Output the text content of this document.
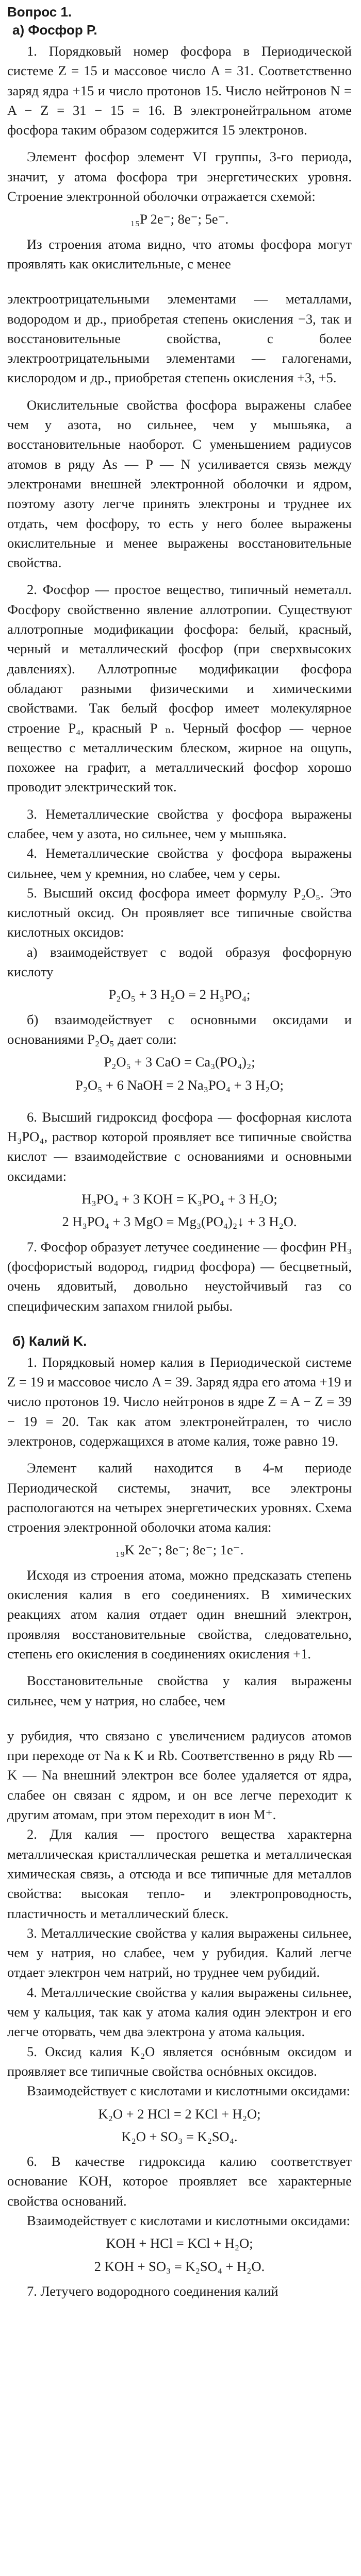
Вопрос 1.
а) Фосфор Р.

1. Порядковый номер фосфора в Периодической системе Z = 15 и массовое число A = 31. Соответственно заряд ядра +15 и число протонов 15. Число нейтронов N = A − Z = 31 − 15 = 16. В электронейтральном атоме фосфора таким образом содержится 15 электронов.

Элемент фосфор элемент VI группы, 3-го периода, значит, у атома фосфора три энергетических уровня. Строение электронной оболочки отражается схемой:

₁₅P 2e⁻; 8e⁻; 5e⁻.

Из строения атома видно, что атомы фосфора могут проявлять как окислительные, с менее

электроотрицательными элементами — металлами, водородом и др., приобретая степень окисления −3, так и восстановительные свойства, с более электроотрицательными элементами — галогенами, кислородом и др., приобретая степень окисления +3, +5.

Окислительные свойства фосфора выражены слабее чем у азота, но сильнее, чем у мышьяка, а восстановительные наоборот. С уменьшением радиусов атомов в ряду As — P — N усиливается связь между электронами внешней электронной оболочки и ядром, поэтому азоту легче принять электроны и труднее их отдать, чем фосфору, то есть у него более выражены окислительные и менее выражены восстановительные свойства.

2. Фосфор — простое вещество, типичный неметалл. Фосфору свойственно явление аллотропии. Существуют аллотропные модификации фосфора: белый, красный, черный и металлический фосфор (при сверхвысоких давлениях). Аллотропные модификации фосфора обладают разными физическими и химическими свойствами. Так белый фосфор имеет молекулярное строение P₄, красный P ₙ. Черный фосфор — черное вещество с металлическим блеском, жирное на ощупь, похожее на графит, а металлический фосфор хорошо проводит электрический ток.

3. Неметаллические свойства у фосфора выражены слабее, чем у азота, но сильнее, чем у мышьяка.

4. Неметаллические свойства у фосфора выражены сильнее, чем у кремния, но слабее, чем у серы.

5. Высший оксид фосфора имеет формулу P₂O₅. Это кислотный оксид. Он проявляет все типичные свойства кислотных оксидов:

а) взаимодействует с водой образуя фосфорную кислоту

P₂O₅ + 3 H₂O = 2 H₃PO₄;

б) взаимодействует с основными оксидами и основаниями P₂O₅ дает соли:

P₂O₅ + 3 CaO = Ca₃(PO₄)₂;
P₂O₅ + 6 NaOH = 2 Na₃PO₄ + 3 H₂O;

6. Высший гидроксид фосфора — фосфорная кислота H₃PO₄, раствор которой проявляет все типичные свойства кислот — взаимодействие с основаниями и основными оксидами:

H₃PO₄ + 3 KOH = K₃PO₄ + 3 H₂O;
2 H₃PO₄ + 3 MgO = Mg₃(PO₄)₂↓ + 3 H₂O.

7. Фосфор образует летучее соединение — фосфин PH₃ (фосфористый водород, гидрид фосфора) — бесцветный, очень ядовитый, довольно неустойчивый газ со специфическим запахом гнилой рыбы.

б) Калий K.

1. Порядковый номер калия в Периодической системе Z = 19 и массовое число A = 39. Заряд ядра его атома +19 и число протонов 19. Число нейтронов в ядре Z = A − Z = 39 − 19 = 20. Так как атом электронейтрален, то число электронов, содержащихся в атоме калия, тоже равно 19.

Элемент калий находится в 4-м периоде Периодической системы, значит, все электроны распологаются на четырех энергетических уровнях. Схема строения электронной оболочки атома калия:

₁₉K 2e⁻; 8e⁻; 8e⁻; 1e⁻.

Исходя из строения атома, можно предсказать степень окисления калия в его соединениях. В химических реакциях атом калия отдает один внешний электрон, проявляя восстановительные свойства, следовательно, степень его окисления в соединениях окисления +1.

Восстановительные свойства у калия выражены сильнее, чем у натрия, но слабее, чем

у рубидия, что связано с увеличением радиусов атомов при переходе от Na к K и Rb. Соответственно в ряду Rb — K — Na внешний электрон все более удаляется от ядра, слабее он связан с ядром, и он все легче переходит к другим атомам, при этом переходит в ион M⁺.

2. Для калия — простого вещества характерна металлическая кристаллическая решетка и металлическая химическая связь, а отсюда и все типичные для металлов свойства: высокая тепло- и электропроводность, пластичность и металлический блеск.

3. Металлические свойства у калия выражены сильнее, чем у натрия, но слабее, чем у рубидия. Калий легче отдает электрон чем натрий, но труднее чем рубидий.

4. Металлические свойства у калия выражены сильнее, чем у кальция, так как у атома калия один электрон и его легче оторвать, чем два электрона у атома кальция.

5. Оксид калия K₂O является оснóвным оксидом и проявляет все типичные свойства оснóвных оксидов.

Взаимодействует с кислотами и кислотными оксидами:

K₂O + 2 HCl = 2 KCl + H₂O;
K₂O + SO₃ = K₂SO₄.

6. В качестве гидроксида калию соответствует основание KOH, которое проявляет все характерные свойства оснований.

Взаимодействует с кислотами и кислотными оксидами:

KOH + HCl = KCl + H₂O;
2 KOH + SO₃ = K₂SO₄ + H₂O.

7. Летучего водородного соединения калий
